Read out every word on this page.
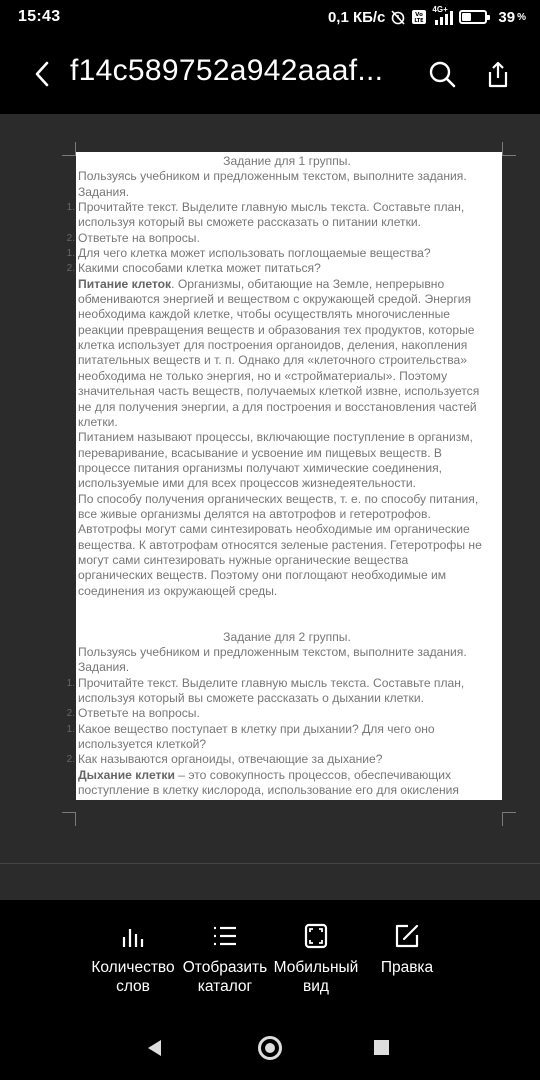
15:43	0,1 КБ/с	Vo
LTE
4G+	39 %
f14c589752a942aaaf...
Задание для 1 группы.
Пользуясь учебником и предложенным текстом, выполните задания.
Задания.
1. Прочитайте текст. Выделите главную мысль текста. Составьте план,
используя который вы сможете рассказать о питании клетки.
2. Ответьте на вопросы.
1. Для чего клетка может использовать поглощаемые вещества?
2. Какими способами клетка может питаться?
Питание клеток. Организмы, обитающие на Земле, непрерывно
обмениваются энергией и веществом с окружающей средой. Энергия
необходима каждой клетке, чтобы осуществлять многочисленные
реакции превращения веществ и образования тех продуктов, которые
клетка использует для построения органоидов, деления, накопления
питательных веществ и т. п. Однако для «клеточного строительства»
необходима не только энергия, но и «стройматериалы». Поэтому
значительная часть веществ, получаемых клеткой извне, используется
не для получения энергии, а для построения и восстановления частей
клетки.
Питанием называют процессы, включающие поступление в организм,
переваривание, всасывание и усвоение им пищевых веществ. В
процессе питания организмы получают химические соединения,
используемые ими для всех процессов жизнедеятельности.
По способу получения органических веществ, т. е. по способу питания,
все живые организмы делятся на автотрофов и гетеротрофов.
Автотрофы могут сами синтезировать необходимые им органические
вещества. К автотрофам относятся зеленые растения. Гетеротрофы не
могут сами синтезировать нужные органические вещества
органических веществ. Поэтому они поглощают необходимые им
соединения из окружающей среды.
Задание для 2 группы.
Пользуясь учебником и предложенным текстом, выполните задания.
Задания.
1. Прочитайте текст. Выделите главную мысль текста. Составьте план,
используя который вы сможете рассказать о дыхании клетки.
2. Ответьте на вопросы.
1. Какое вещество поступает в клетку при дыхании? Для чего оно
используется клеткой?
2. Как называются органоиды, отвечающие за дыхание?
Дыхание клетки – это совокупность процессов, обеспечивающих
поступление в клетку кислорода, использование его для окисления
Количество
слов
Отобразить
каталог
Мобильный
вид
Правка
